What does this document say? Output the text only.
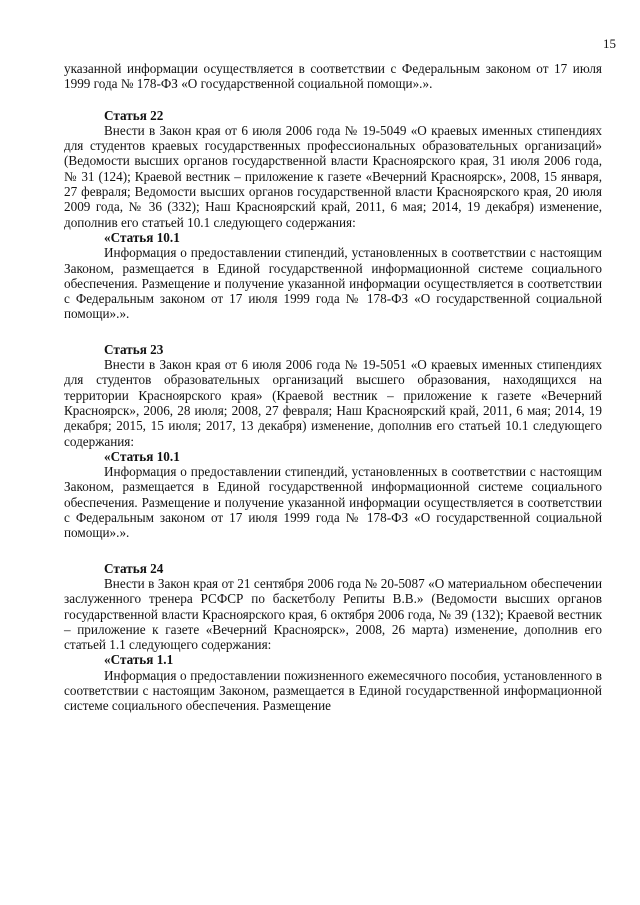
15

указанной информации осуществляется в соответствии с Федеральным законом от 17 июля 1999 года № 178-ФЗ «О государственной социальной помощи».».

Статья 22

Внести в Закон края от 6 июля 2006 года № 19-5049 «О краевых именных стипендиях для студентов краевых государственных профессиональных образовательных организаций» (Ведомости высших органов государственной власти Красноярского края, 31 июля 2006 года, № 31 (124); Краевой вестник – приложение к газете «Вечерний Красноярск», 2008, 15 января, 27 февраля; Ведомости высших органов государственной власти Красноярского края, 20 июля 2009 года, № 36 (332); Наш Красноярский край, 2011, 6 мая; 2014, 19 декабря) изменение, дополнив его статьей 10.1 следующего содержания:

«Статья 10.1

Информация о предоставлении стипендий, установленных в соответствии с настоящим Законом, размещается в Единой государственной информационной системе социального обеспечения. Размещение и получение указанной информации осуществляется в соответствии с Федеральным законом от 17 июля 1999 года № 178-ФЗ «О государственной социальной помощи».».

Статья 23

Внести в Закон края от 6 июля 2006 года № 19-5051 «О краевых именных стипендиях для студентов образовательных организаций высшего образования, находящихся на территории Красноярского края» (Краевой вестник – приложение к газете «Вечерний Красноярск», 2006, 28 июля; 2008, 27 февраля; Наш Красноярский край, 2011, 6 мая; 2014, 19 декабря; 2015, 15 июля; 2017, 13 декабря) изменение, дополнив его статьей 10.1 следующего содержания:

«Статья 10.1

Информация о предоставлении стипендий, установленных в соответствии с настоящим Законом, размещается в Единой государственной информационной системе социального обеспечения. Размещение и получение указанной информации осуществляется в соответствии с Федеральным законом от 17 июля 1999 года № 178-ФЗ «О государственной социальной помощи».».

Статья 24

Внести в Закон края от 21 сентября 2006 года № 20-5087 «О материальном обеспечении заслуженного тренера РСФСР по баскетболу Репиты В.В.» (Ведомости высших органов государственной власти Красноярского края, 6 октября 2006 года, № 39 (132); Краевой вестник – приложение к газете «Вечерний Красноярск», 2008, 26 марта) изменение, дополнив его статьей 1.1 следующего содержания:

«Статья 1.1

Информация о предоставлении пожизненного ежемесячного пособия, установленного в соответствии с настоящим Законом, размещается в Единой государственной информационной системе социального обеспечения. Размещение
